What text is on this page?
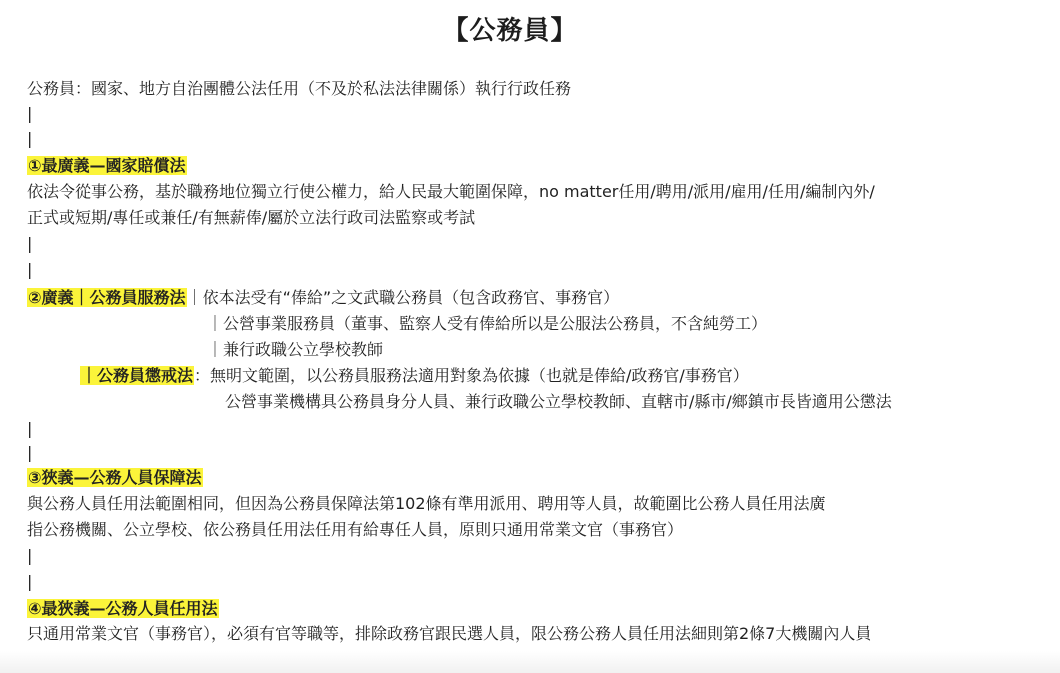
【公務員】
公務員：國家、地方自治團體公法任用（不及於私法法律關係）執行行政任務
|
|
①最廣義—國家賠償法
依法令從事公務，基於職務地位獨立行使公權力，給人民最大範圍保障，no matter任用/聘用/派用/雇用/任用/編制內外/
正式或短期/專任或兼任/有無薪俸/屬於立法行政司法監察或考試
|
|
②廣義｜公務員服務法｜依本法受有“俸給”之文武職公務員（包含政務官、事務官）
｜公營事業服務員（董事、監察人受有俸給所以是公服法公務員，不含純勞工）
｜兼行政職公立學校教師
｜公務員懲戒法：無明文範圍，以公務員服務法適用對象為依據（也就是俸給/政務官/事務官）
公營事業機構具公務員身分人員、兼行政職公立學校教師、直轄市/縣市/鄉鎮市長皆適用公懲法
|
|
③狹義—公務人員保障法
與公務人員任用法範圍相同，但因為公務員保障法第102條有準用派用、聘用等人員，故範圍比公務人員任用法廣
指公務機關、公立學校、依公務員任用法任用有給專任人員，原則只通用常業文官（事務官）
|
|
④最狹義—公務人員任用法
只通用常業文官（事務官），必須有官等職等，排除政務官跟民選人員，限公務公務人員任用法細則第2條7大機關內人員
